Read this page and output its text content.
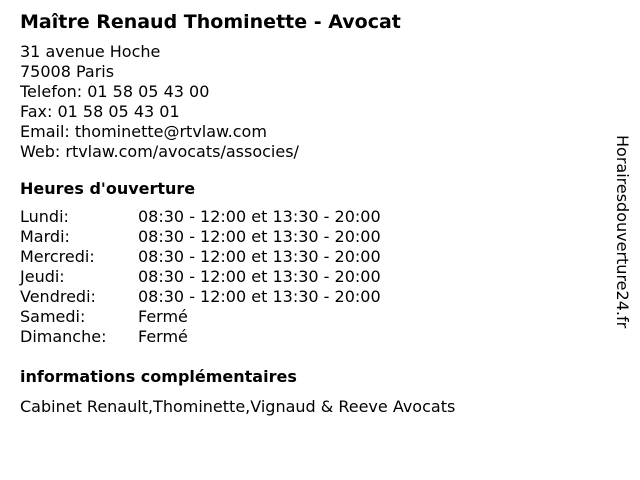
Maître Renaud Thominette - Avocat
31 avenue Hoche
75008 Paris
Telefon: 01 58 05 43 00
Fax: 01 58 05 43 01
Email: thominette@rtvlaw.com
Web: rtvlaw.com/avocats/associes/
Heures d'ouverture
Lundi:	08:30 - 12:00 et 13:30 - 20:00
Mardi:	08:30 - 12:00 et 13:30 - 20:00
Mercredi:	08:30 - 12:00 et 13:30 - 20:00
Jeudi:	08:30 - 12:00 et 13:30 - 20:00
Vendredi:	08:30 - 12:00 et 13:30 - 20:00
Samedi:	Fermé
Dimanche:	Fermé
informations complémentaires
Cabinet Renault,Thominette,Vignaud & Reeve Avocats
Horairesdouverture24.fr
